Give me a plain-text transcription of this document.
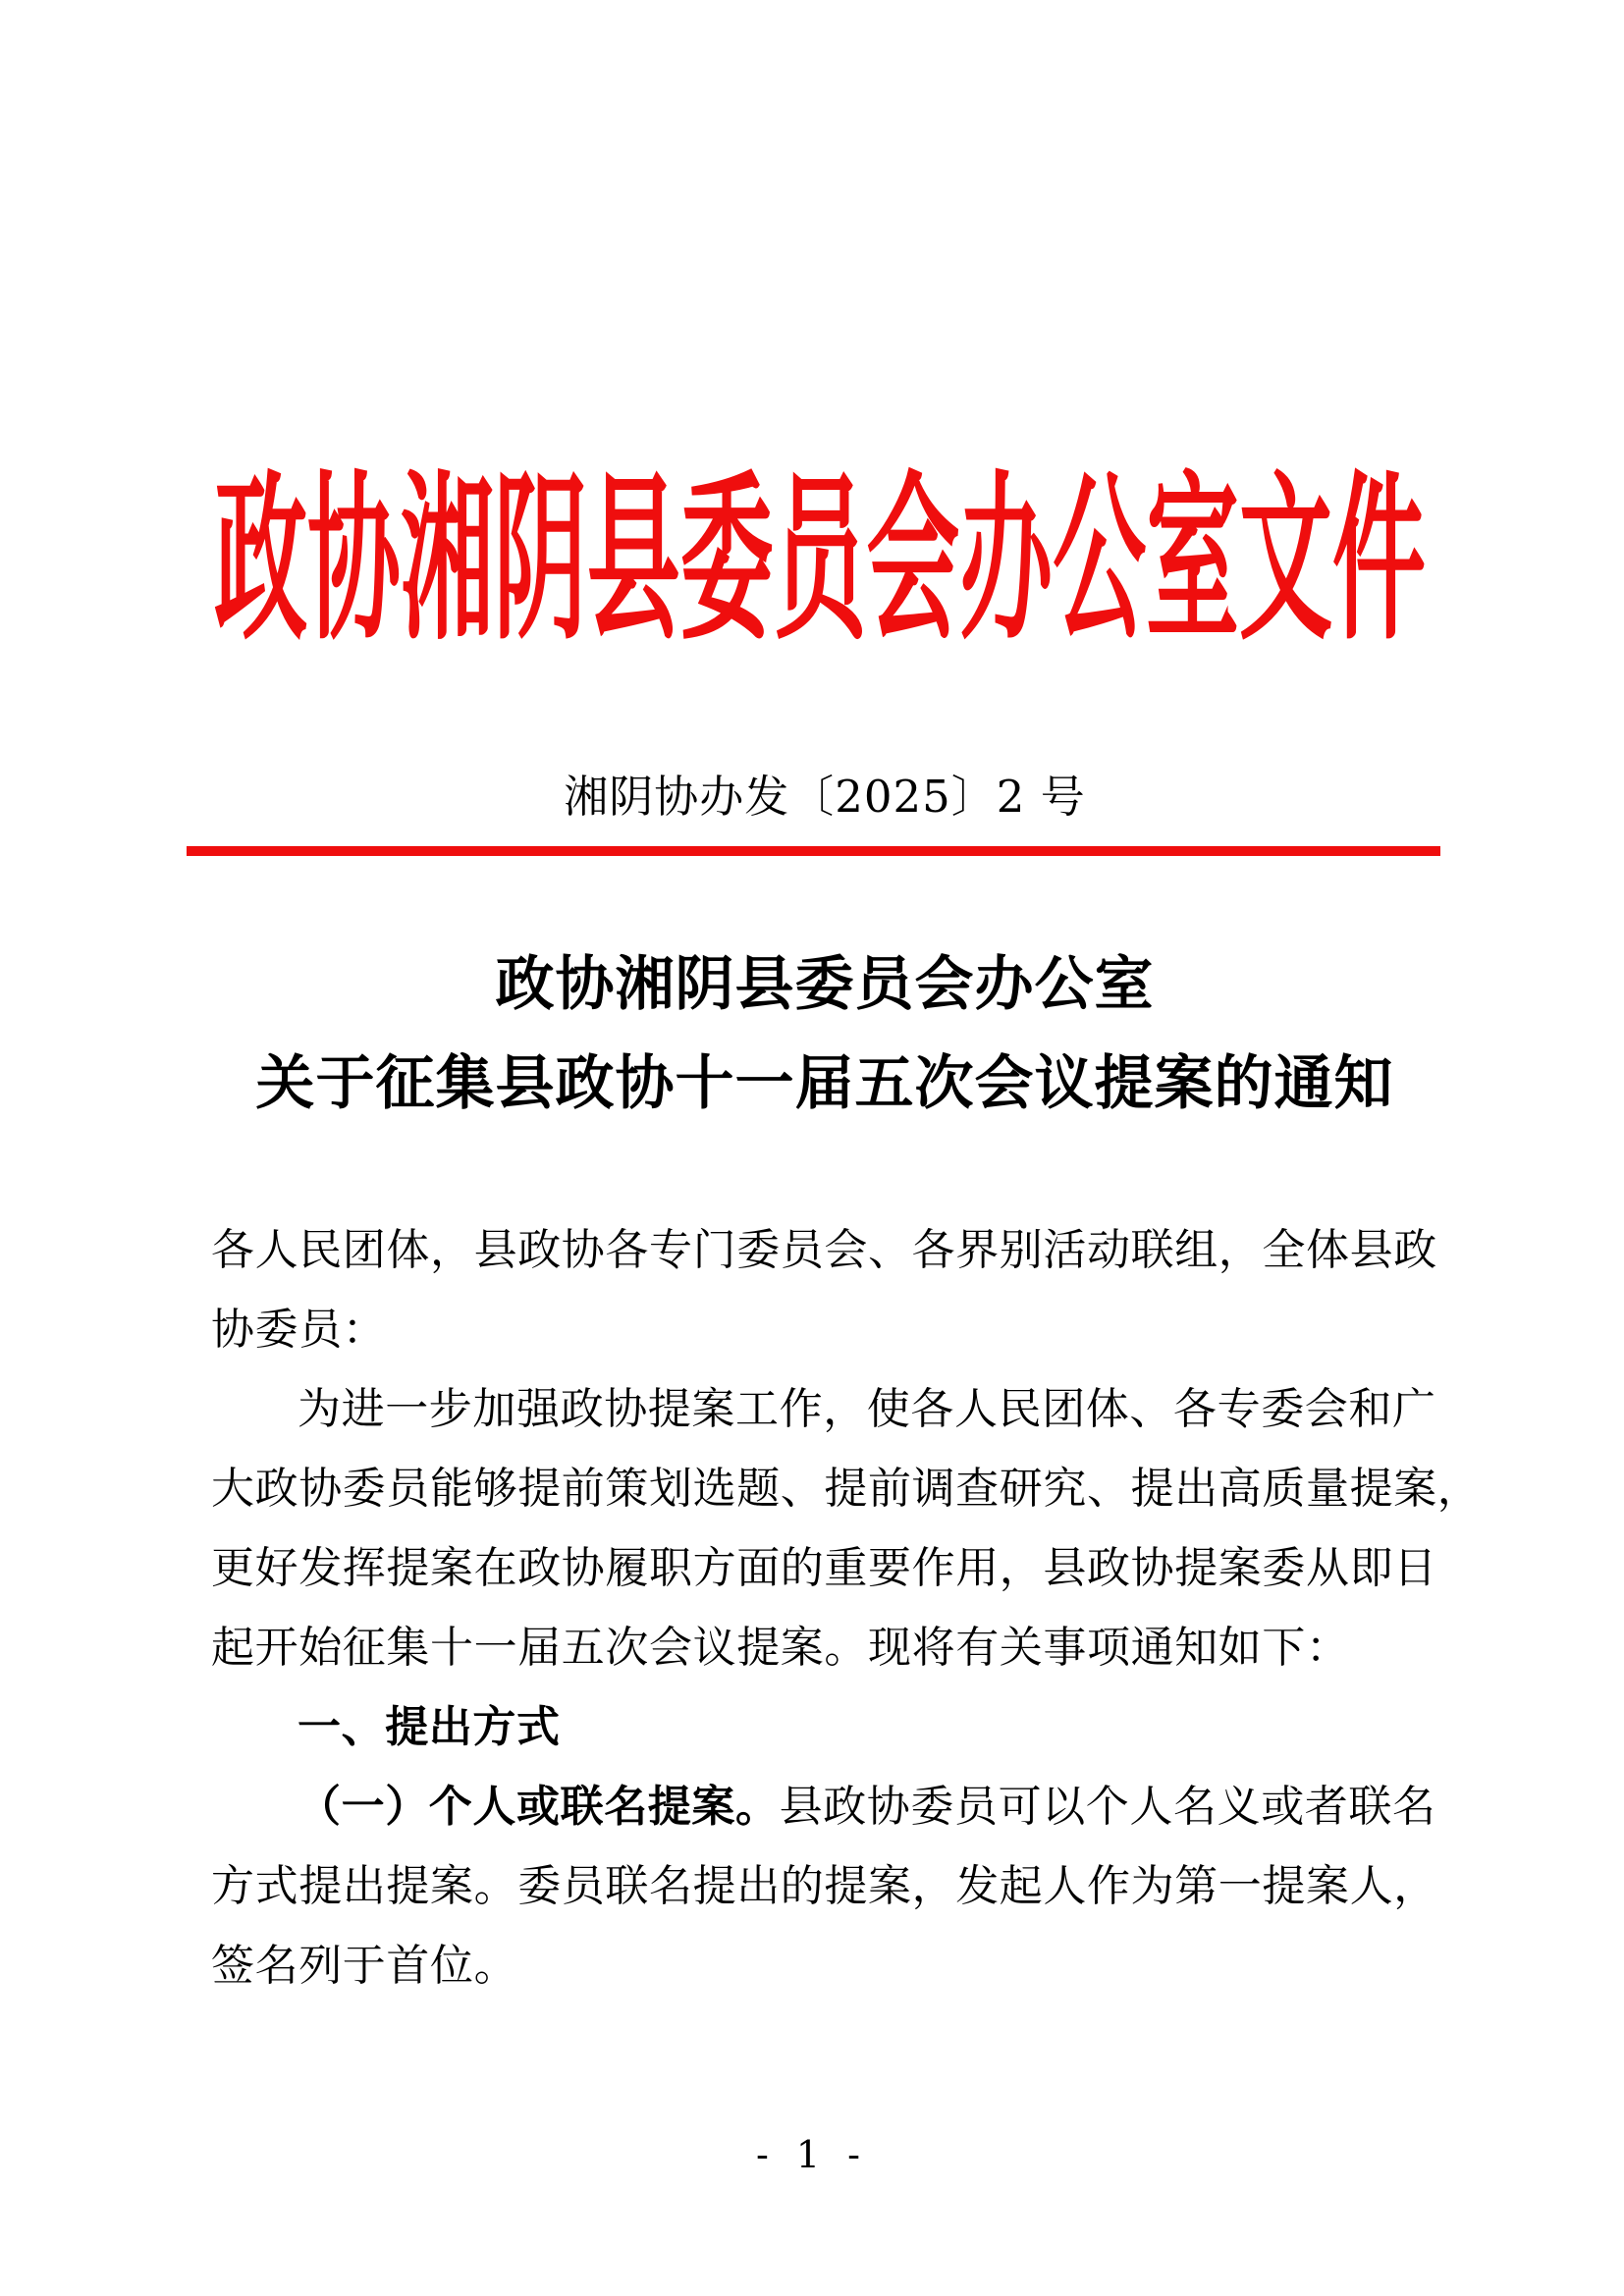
政协湘阴县委员会办公室文件
湘阴协办发〔2025〕2 号
政协湘阴县委员会办公室
关于征集县政协十一届五次会议提案的通知
各人民团体，县政协各专门委员会、各界别活动联组，全体县政
协委员：
为进一步加强政协提案工作，使各人民团体、各专委会和广
大政协委员能够提前策划选题、提前调查研究、提出高质量提案，
更好发挥提案在政协履职方面的重要作用，县政协提案委从即日
起开始征集十一届五次会议提案。现将有关事项通知如下：
一、提出方式
（一）个人或联名提案。县政协委员可以个人名义或者联名
方式提出提案。委员联名提出的提案，发起人作为第一提案人，
签名列于首位。
- 1 -
